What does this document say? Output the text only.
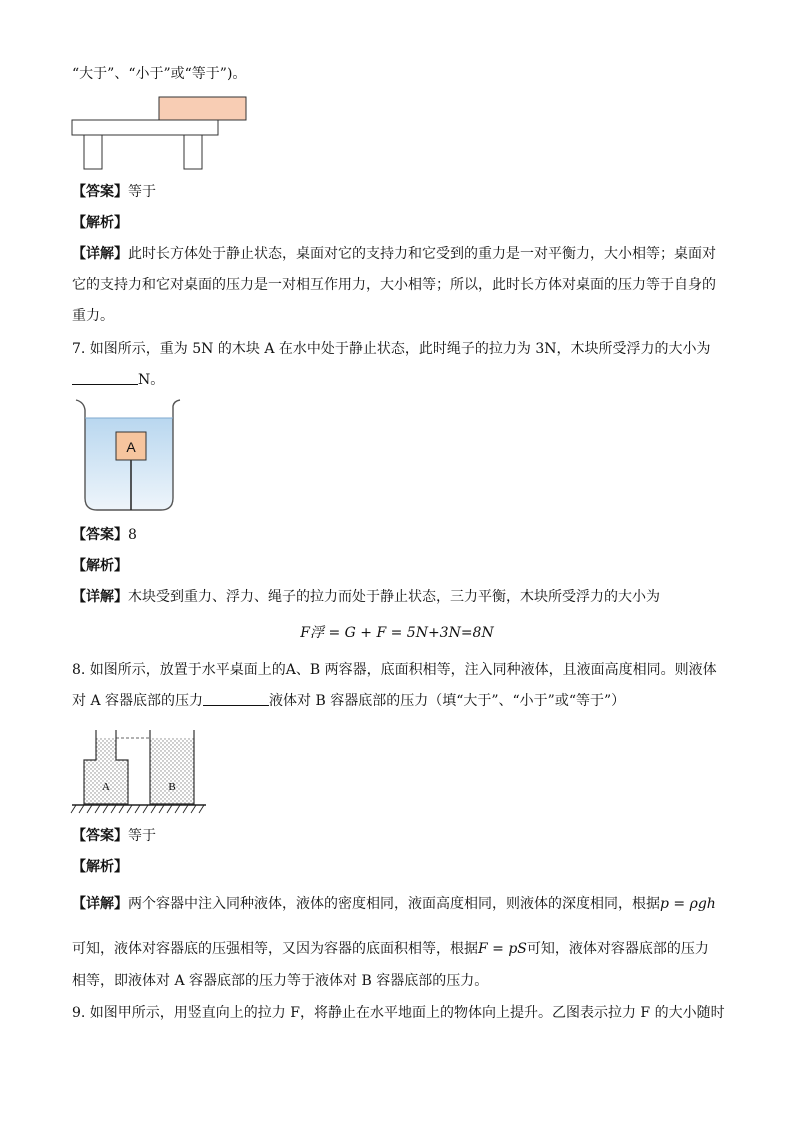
“大于”、“小于”或“等于”)。
【答案】等于
【解析】
【详解】此时长方体处于静止状态，桌面对它的支持力和它受到的重力是一对平衡力，大小相等；桌面对
它的支持力和它对桌面的压力是一对相互作用力，大小相等；所以，此时长方体对桌面的压力等于自身的
重力。
7. 如图所示，重为 5N 的木块 A 在水中处于静止状态，此时绳子的拉力为 3N，木块所受浮力的大小为
N。
A
【答案】8
【解析】
【详解】木块受到重力、浮力、绳子的拉力而处于静止状态，三力平衡，木块所受浮力的大小为
F浮 = G + F = 5N+3N=8N
8. 如图所示，放置于水平桌面上的A、B 两容器，底面积相等，注入同种液体，且液面高度相同。则液体
对 A 容器底部的压力	液体对 B 容器底部的压力（填“大于”、“小于”或“等于”）
A	B
【答案】等于
【解析】
【详解】两个容器中注入同种液体，液体的密度相同，液面高度相同，则液体的深度相同，根据p = ρgh
可知，液体对容器底的压强相等，又因为容器的底面积相等，根据F = pS可知，液体对容器底部的压力
相等，即液体对 A 容器底部的压力等于液体对 B 容器底部的压力。
9. 如图甲所示，用竖直向上的拉力 F，将静止在水平地面上的物体向上提升。乙图表示拉力 F 的大小随时
